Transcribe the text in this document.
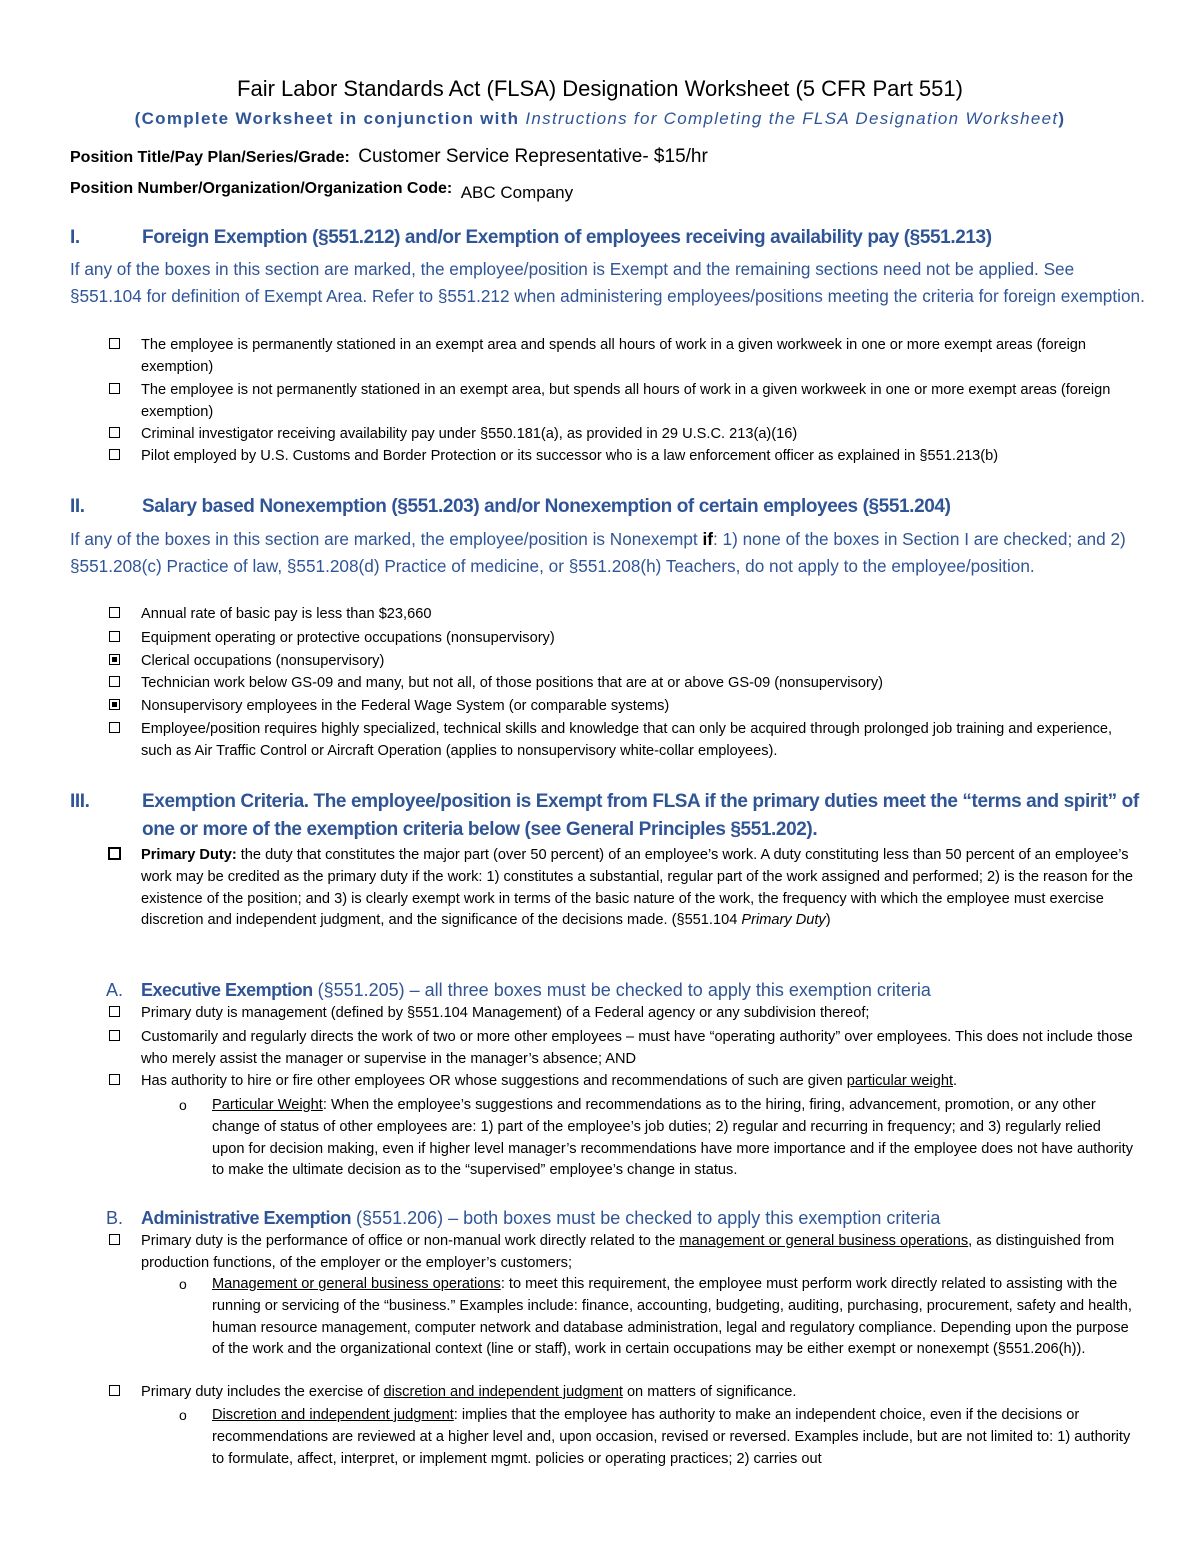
Fair Labor Standards Act (FLSA) Designation Worksheet (5 CFR Part 551)
(Complete Worksheet in conjunction with Instructions for Completing the FLSA Designation Worksheet)
Position Title/Pay Plan/Series/Grade: Customer Service Representative- $15/hr
Position Number/Organization/Organization Code: ABC Company
I.	Foreign Exemption (§551.212) and/or Exemption of employees receiving availability pay (§551.213)
If any of the boxes in this section are marked, the employee/position is Exempt and the remaining sections need not be applied. See §551.104 for definition of Exempt Area. Refer to §551.212 when administering employees/positions meeting the criteria for foreign exemption.
The employee is permanently stationed in an exempt area and spends all hours of work in a given workweek in one or more exempt areas (foreign exemption)
The employee is not permanently stationed in an exempt area, but spends all hours of work in a given workweek in one or more exempt areas (foreign exemption)
Criminal investigator receiving availability pay under §550.181(a), as provided in 29 U.S.C. 213(a)(16)
Pilot employed by U.S. Customs and Border Protection or its successor who is a law enforcement officer as explained in §551.213(b)
II.	Salary based Nonexemption (§551.203) and/or Nonexemption of certain employees (§551.204)
If any of the boxes in this section are marked, the employee/position is Nonexempt if: 1) none of the boxes in Section I are checked; and 2) §551.208(c) Practice of law, §551.208(d) Practice of medicine, or §551.208(h) Teachers, do not apply to the employee/position.
Annual rate of basic pay is less than $23,660
Equipment operating or protective occupations (nonsupervisory)
Clerical occupations (nonsupervisory)
Technician work below GS-09 and many, but not all, of those positions that are at or above GS-09 (nonsupervisory)
Nonsupervisory employees in the Federal Wage System (or comparable systems)
Employee/position requires highly specialized, technical skills and knowledge that can only be acquired through prolonged job training and experience, such as Air Traffic Control or Aircraft Operation (applies to nonsupervisory white-collar employees).
III.	Exemption Criteria. The employee/position is Exempt from FLSA if the primary duties meet the “terms and spirit” of one or more of the exemption criteria below (see General Principles §551.202).
Primary Duty: the duty that constitutes the major part (over 50 percent) of an employee’s work. A duty constituting less than 50 percent of an employee’s work may be credited as the primary duty if the work: 1) constitutes a substantial, regular part of the work assigned and performed; 2) is the reason for the existence of the position; and 3) is clearly exempt work in terms of the basic nature of the work, the frequency with which the employee must exercise discretion and independent judgment, and the significance of the decisions made. (§551.104 Primary Duty)
A. Executive Exemption (§551.205) – all three boxes must be checked to apply this exemption criteria
Primary duty is management (defined by §551.104 Management) of a Federal agency or any subdivision thereof;
Customarily and regularly directs the work of two or more other employees – must have “operating authority” over employees. This does not include those who merely assist the manager or supervise in the manager’s absence; AND
Has authority to hire or fire other employees OR whose suggestions and recommendations of such are given particular weight.
o Particular Weight: When the employee’s suggestions and recommendations as to the hiring, firing, advancement, promotion, or any other change of status of other employees are: 1) part of the employee’s job duties; 2) regular and recurring in frequency; and 3) regularly relied upon for decision making, even if higher level manager’s recommendations have more importance and if the employee does not have authority to make the ultimate decision as to the “supervised” employee’s change in status.
B. Administrative Exemption (§551.206) – both boxes must be checked to apply this exemption criteria
Primary duty is the performance of office or non-manual work directly related to the management or general business operations, as distinguished from production functions, of the employer or the employer’s customers;
o Management or general business operations: to meet this requirement, the employee must perform work directly related to assisting with the running or servicing of the “business.” Examples include: finance, accounting, budgeting, auditing, purchasing, procurement, safety and health, human resource management, computer network and database administration, legal and regulatory compliance. Depending upon the purpose of the work and the organizational context (line or staff), work in certain occupations may be either exempt or nonexempt (§551.206(h)).
Primary duty includes the exercise of discretion and independent judgment on matters of significance.
o Discretion and independent judgment: implies that the employee has authority to make an independent choice, even if the decisions or recommendations are reviewed at a higher level and, upon occasion, revised or reversed. Examples include, but are not limited to: 1) authority to formulate, affect, interpret, or implement mgmt. policies or operating practices; 2) carries out
